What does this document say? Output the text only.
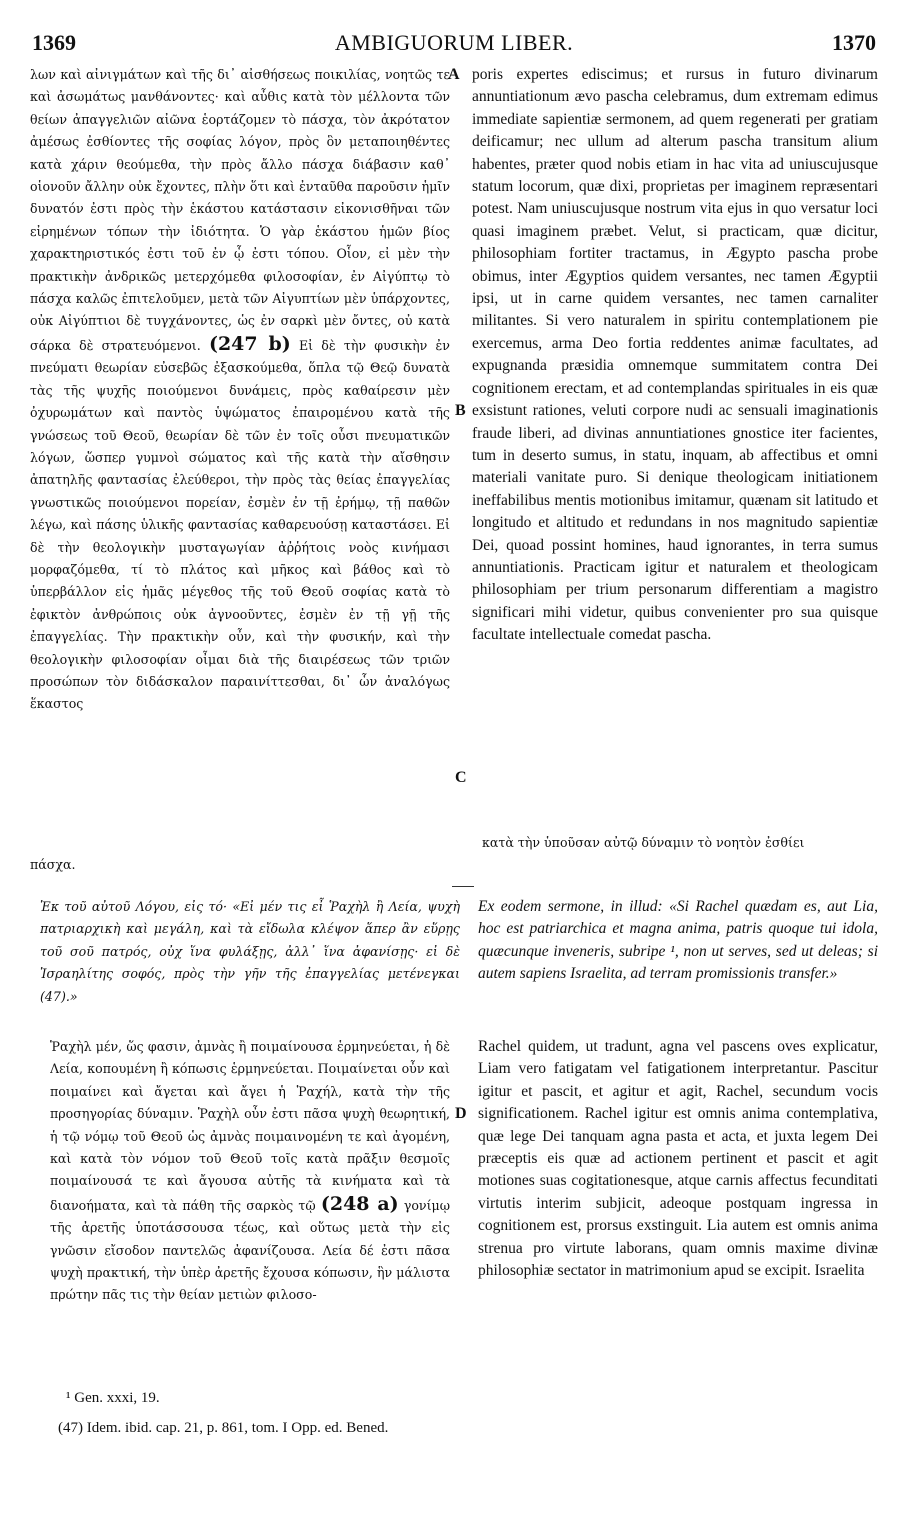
1369	AMBIGUORUM LIBER.	1370

λων καὶ αἰνιγμάτων καὶ τῆς δι᾽ αἰσθήσεως ποικιλίας, νοητῶς τε καὶ ἀσωμάτως μανθάνοντες· καὶ αὖθις κατὰ τὸν μέλλοντα τῶν θείων ἀπαγγελιῶν αἰῶνα ἑορτάζομεν τὸ πάσχα, τὸν ἀκρότατον ἀμέσως ἐσθίοντες τῆς σοφίας λόγον, πρὸς ὃν μεταποιηθέντες κατὰ χάριν θεούμεθα, τὴν πρὸς ἄλλο πάσχα διάβασιν καθ᾽ οἱονοῦν ἄλλην οὐκ ἔχοντες, πλὴν ὅτι καὶ ἐνταῦθα παροῦσιν ἡμῖν δυνατόν ἐστι πρὸς τὴν ἑκάστου κατάστασιν εἰκονισθῆναι τῶν εἰρημένων τόπων τὴν ἰδιότητα. Ὁ γὰρ ἑκάστου ἡμῶν βίος χαρακτηριστικός ἐστι τοῦ ἐν ᾧ ἐστι τόπου. Οἷον, εἰ μὲν τὴν πρακτικὴν ἀνδρικῶς μετερχόμεθα φιλοσοφίαν, ἐν Αἰγύπτῳ τὸ πάσχα καλῶς ἐπιτελοῦμεν, μετὰ τῶν Αἰγυπτίων μὲν ὑπάρχοντες, οὐκ Αἰγύπτιοι δὲ τυγχάνοντες, ὡς ἐν σαρκὶ μὲν ὄντες, οὐ κατὰ σάρκα δὲ στρατευόμενοι. (247 b) Εἰ δὲ τὴν φυσικὴν ἐν πνεύματι θεωρίαν εὐσεβῶς ἐξασκούμεθα, ὅπλα τῷ Θεῷ δυνατὰ τὰς τῆς ψυχῆς ποιούμενοι δυνάμεις, πρὸς καθαίρεσιν μὲν ὀχυρωμάτων καὶ παντὸς ὑψώματος ἐπαιρομένου κατὰ τῆς γνώσεως τοῦ Θεοῦ, θεωρίαν δὲ τῶν ἐν τοῖς οὖσι πνευματικῶν λόγων, ὥσπερ γυμνοὶ σώματος καὶ τῆς κατὰ τὴν αἴσθησιν ἀπατηλῆς φαντασίας ἐλεύθεροι, τὴν πρὸς τὰς θείας ἐπαγγελίας γνωστικῶς ποιούμενοι πορείαν, ἐσμὲν ἐν τῇ ἐρήμῳ, τῇ παθῶν λέγω, καὶ πάσης ὑλικῆς φαντασίας καθαρευούσῃ καταστάσει. Εἰ δὲ τὴν θεολογικὴν μυσταγωγίαν ἀῤῥήτοις νοὸς κινήμασι μορφαζόμεθα, τί τὸ πλάτος καὶ μῆκος καὶ βάθος καὶ τὸ ὑπερβάλλον εἰς ἡμᾶς μέγεθος τῆς τοῦ Θεοῦ σοφίας κατὰ τὸ ἐφικτὸν ἀνθρώποις οὐκ ἀγνοοῦντες, ἐσμὲν ἐν τῇ γῇ τῆς ἐπαγγελίας. Τὴν πρακτικὴν οὖν, καὶ τὴν φυσικήν, καὶ τὴν θεολογικὴν φιλοσοφίαν οἶμαι διὰ τῆς διαιρέσεως τῶν τριῶν προσώπων τὸν διδάσκαλον παραινίττεσθαι, δι᾽ ὧν ἀναλόγως ἕκαστος

poris expertes ediscimus; et rursus in futuro divinarum annuntiationum ævo pascha celebramus, dum extremam edimus immediate sapientiæ sermonem, ad quem regenerati per gratiam deificamur; nec ullum ad alterum pascha transitum alium habentes, præter quod nobis etiam in hac vita ad uniuscujusque statum locorum, quæ dixi, proprietas per imaginem repræsentari potest. Nam uniuscujusque nostrum vita ejus in quo versatur loci quasi imaginem præbet. Velut, si practicam, quæ dicitur, philosophiam fortiter tractamus, in Ægypto pascha probe obimus, inter Ægyptios quidem versantes, nec tamen Ægyptii ipsi, ut in carne quidem versantes, nec tamen carnaliter militantes. Si vero naturalem in spiritu contemplationem pie exercemus, arma Deo fortia reddentes animæ facultates, ad expugnanda præsidia omnemque summitatem contra Dei cognitionem erectam, et ad contemplandas spirituales in eis quæ exsistunt rationes, veluti corpore nudi ac sensuali imaginationis fraude liberi, ad divinas annuntiationes gnostice iter facientes, tum in deserto sumus, in statu, inquam, ab affectibus et omni materiali vanitate puro. Si denique theologicam initiationem ineffabilibus mentis motionibus imitamur, quænam sit latitudo et longitudo et altitudo et redundans in nos magnitudo sapientiæ Dei, quoad possint homines, haud ignorantes, in terra sumus annuntiationis. Practicam igitur et naturalem et theologicam philosophiam per trium personarum differentiam a magistro significari mihi videtur, quibus convenienter pro sua quisque facultate intellectuale comedat pascha.

κατὰ τὴν ὑποῦσαν αὐτῷ δύναμιν τὸ νοητὸν ἐσθίει

πάσχα.

A
B
C
D

Ἐκ τοῦ αὐτοῦ Λόγου, εἰς τό· «Εἰ μέν τις εἶ Ῥαχὴλ ἢ Λεία, ψυχὴ πατριαρχικὴ καὶ μεγάλη, καὶ τὰ εἴδωλα κλέψον ἅπερ ἂν εὕρῃς τοῦ σοῦ πατρός, οὐχ ἵνα φυλάξῃς, ἀλλ᾽ ἵνα ἀφανίσῃς· εἰ δὲ Ἰσραηλίτης σοφός, πρὸς τὴν γῆν τῆς ἐπαγγελίας μετένεγκαι (47).»

Ex eodem sermone, in illud: «Si Rachel quædam es, aut Lia, hoc est patriarchica et magna anima, patris quoque tui idola, quæcunque inveneris, subripe ¹, non ut serves, sed ut deleas; si autem sapiens Israelita, ad terram promissionis transfer.»

Ῥαχὴλ μέν, ὥς φασιν, ἀμνὰς ἢ ποιμαίνουσα ἑρμηνεύεται, ἡ δὲ Λεία, κοπουμένη ἢ κόπωσις ἑρμηνεύεται. Ποιμαίνεται οὖν καὶ ποιμαίνει καὶ ἄγεται καὶ ἄγει ἡ Ῥαχήλ, κατὰ τὴν τῆς προσηγορίας δύναμιν. Ῥαχὴλ οὖν ἐστι πᾶσα ψυχὴ θεωρητική, ἡ τῷ νόμῳ τοῦ Θεοῦ ὡς ἀμνὰς ποιμαινομένη τε καὶ ἀγομένη, καὶ κατὰ τὸν νόμον τοῦ Θεοῦ τοῖς κατὰ πρᾶξιν θεσμοῖς ποιμαίνουσά τε καὶ ἄγουσα αὐτῆς τὰ κινήματα καὶ τὰ διανοήματα, καὶ τὰ πάθη τῆς σαρκὸς τῷ (248 a) γονίμῳ τῆς ἀρετῆς ὑποτάσσουσα τέως, καὶ οὕτως μετὰ τὴν εἰς γνῶσιν εἴσοδον παντελῶς ἀφανίζουσα. Λεία δέ ἐστι πᾶσα ψυχὴ πρακτική, τὴν ὑπὲρ ἀρετῆς ἔχουσα κόπωσιν, ἣν μάλιστα πρώτην πᾶς τις τὴν θείαν μετιὼν φιλοσο-

Rachel quidem, ut tradunt, agna vel pascens oves explicatur, Liam vero fatigatam vel fatigationem interpretantur. Pascitur igitur et pascit, et agitur et agit, Rachel, secundum vocis significationem. Rachel igitur est omnis anima contemplativa, quæ lege Dei tanquam agna pasta et acta, et juxta legem Dei præceptis eis quæ ad actionem pertinent et pascit et agit motiones suas cogitationesque, atque carnis affectus fecunditati virtutis interim subjicit, adeoque postquam ingressa in cognitionem est, prorsus exstinguit. Lia autem est omnis anima strenua pro virtute laborans, quam omnis maxime divinæ philosophiæ sectator in matrimonium apud se excipit. Israelita

¹ Gen. xxxi, 19.
(47) Idem. ibid. cap. 21, p. 861, tom. I Opp. ed. Bened.
